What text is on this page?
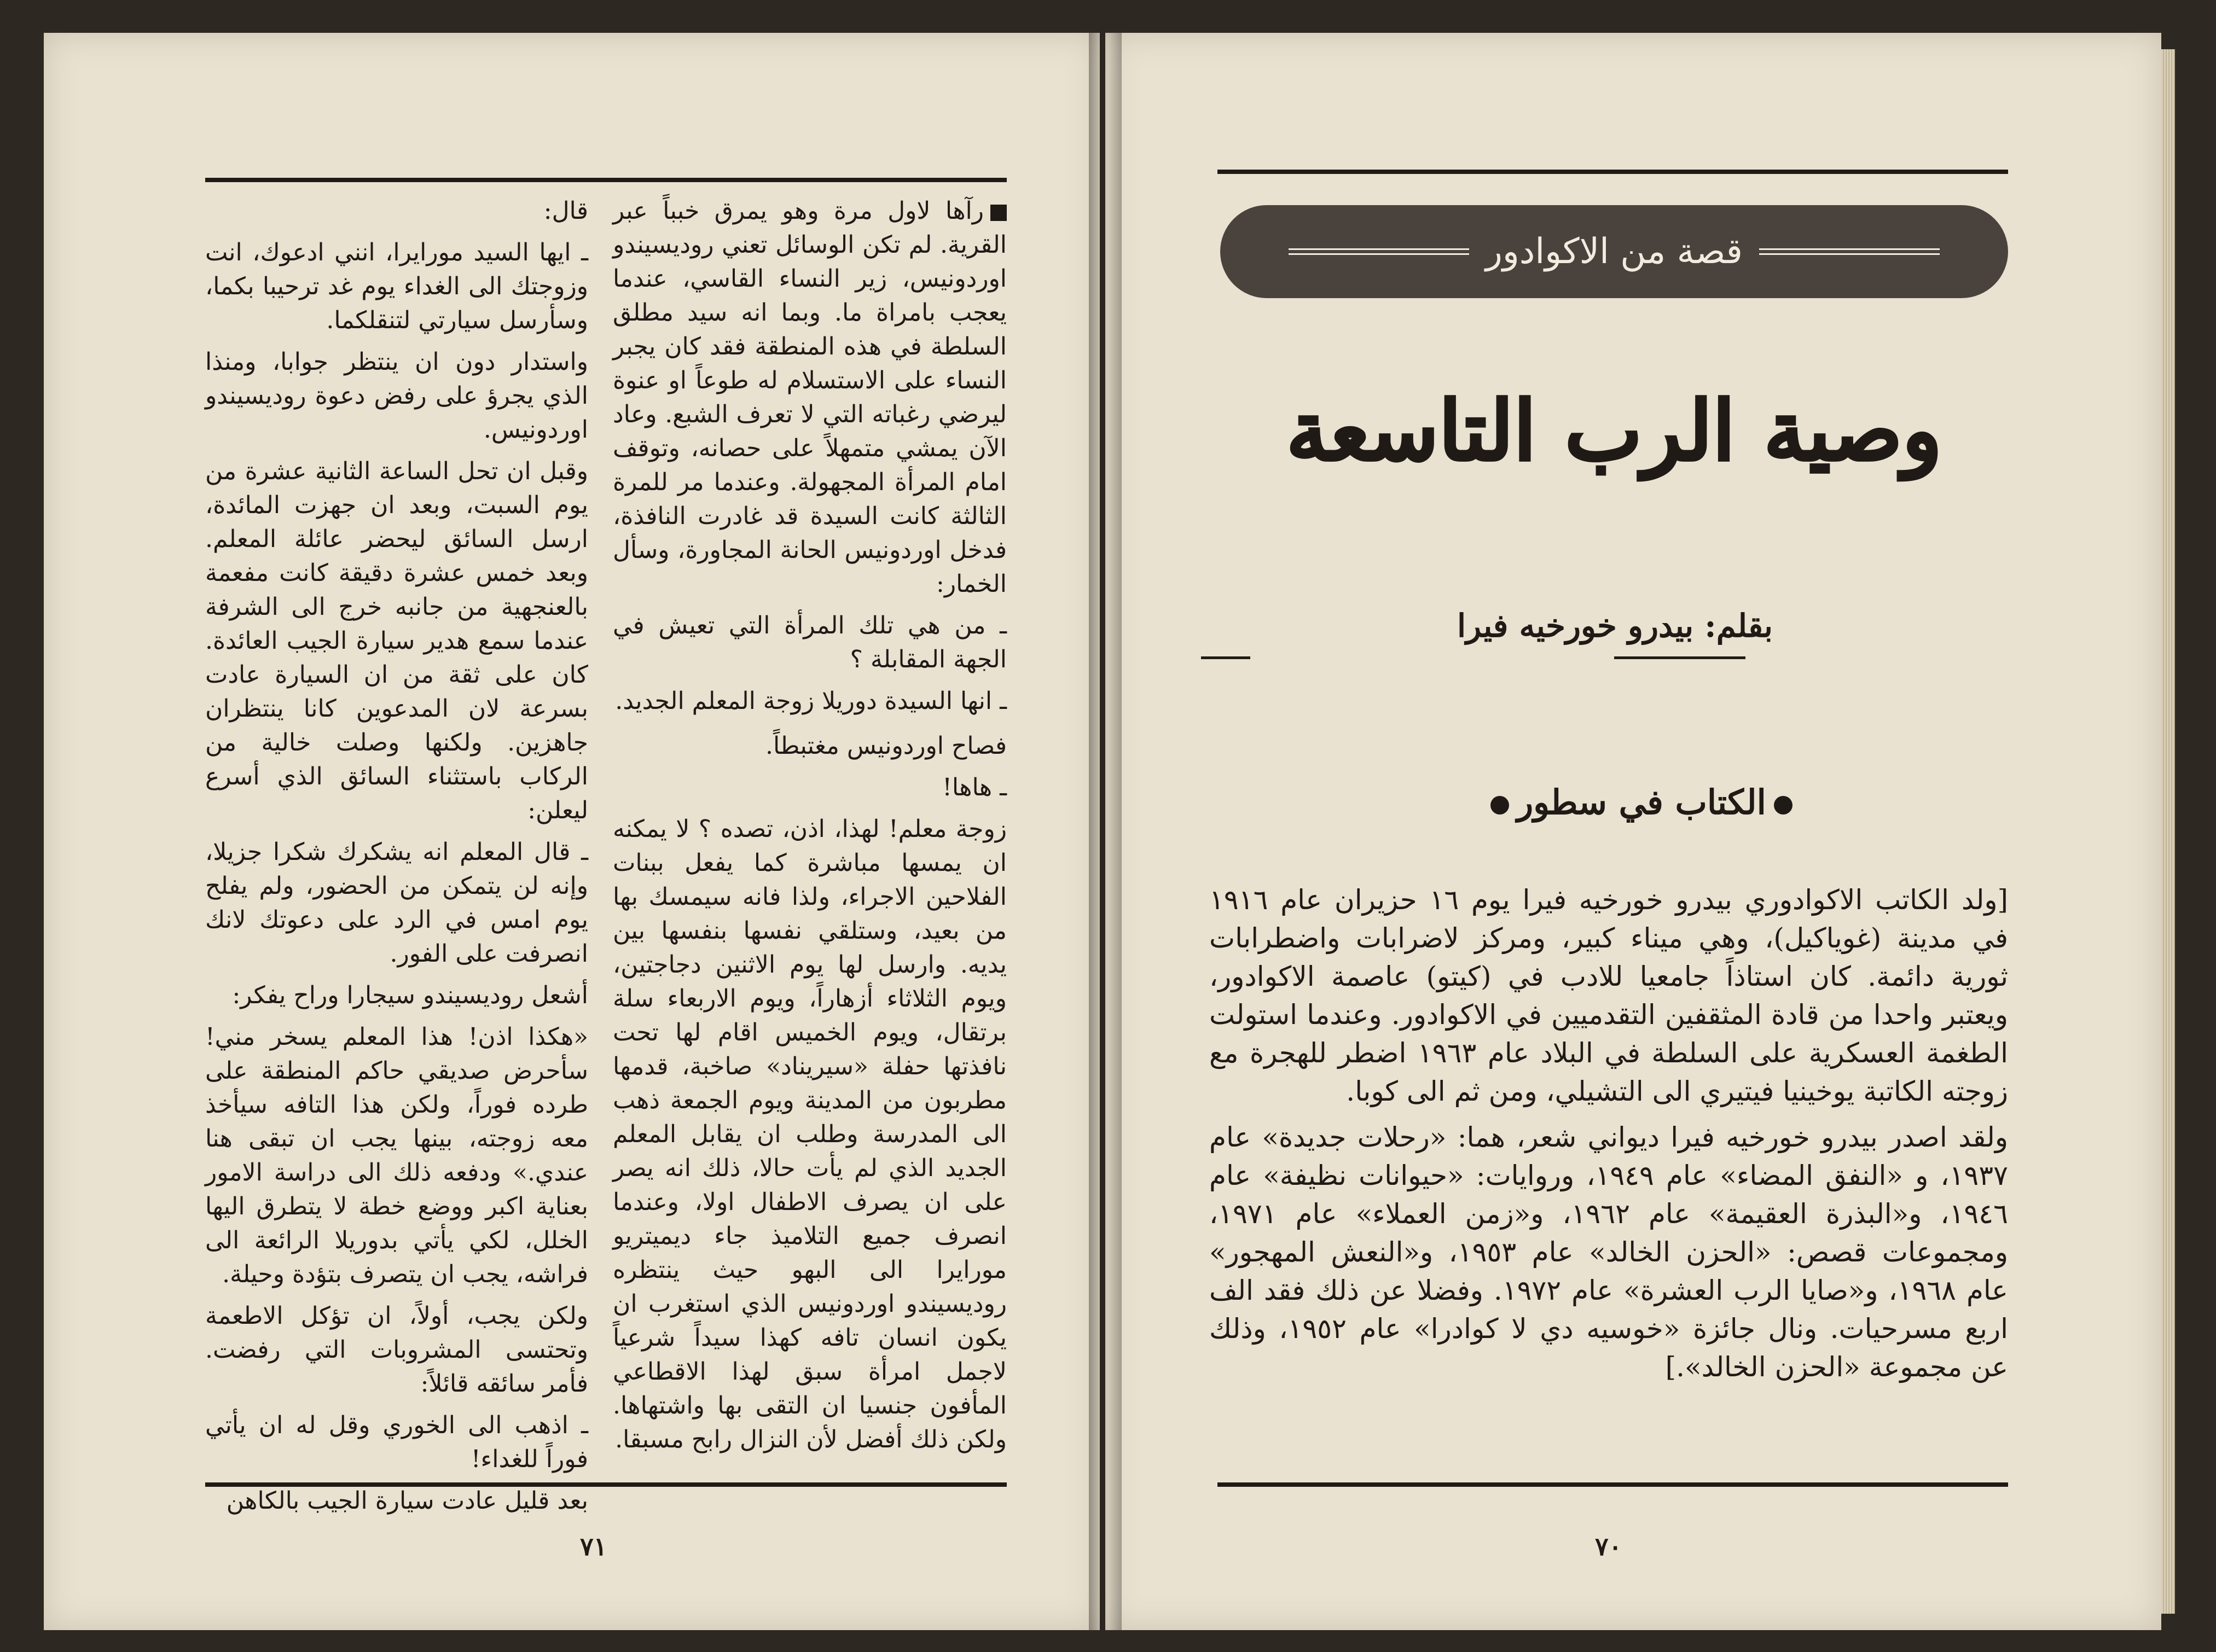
رآها لاول مرة وهو يمرق خبباً عبر القرية. لم تكن الوسائل تعني روديسيندو اوردونيس، زير النساء القاسي، عندما يعجب بامراة ما. وبما انه سيد مطلق السلطة في هذه المنطقة فقد كان يجبر النساء على الاستسلام له طوعاً او عنوة ليرضي رغباته التي لا تعرف الشبع. وعاد الآن يمشي متمهلاً على حصانه، وتوقف امام المرأة المجهولة. وعندما مر للمرة الثالثة كانت السيدة قد غادرت النافذة، فدخل اوردونيس الحانة المجاورة، وسأل الخمار:

ـ من هي تلك المرأة التي تعيش في الجهة المقابلة ؟

ـ انها السيدة دوريلا زوجة المعلم الجديد.

فصاح اوردونيس مغتبطاً.

ـ هاها!

زوجة معلم! لهذا، اذن، تصده ؟ لا يمكنه ان يمسها مباشرة كما يفعل ببنات الفلاحين الاجراء، ولذا فانه سيمسك بها من بعيد، وستلقي نفسها بنفسها بين يديه. وارسل لها يوم الاثنين دجاجتين، ويوم الثلاثاء أزهاراً، ويوم الاربعاء سلة برتقال، ويوم الخميس اقام لها تحت نافذتها حفلة «سيريناد» صاخبة، قدمها مطربون من المدينة ويوم الجمعة ذهب الى المدرسة وطلب ان يقابل المعلم الجديد الذي لم يأت حالا، ذلك انه يصر على ان يصرف الاطفال اولا، وعندما انصرف جميع التلاميذ جاء ديميتريو مورايرا الى البهو حيث ينتظره روديسيندو اوردونيس الذي استغرب ان يكون انسان تافه كهذا سيداً شرعياً لاجمل امرأة سبق لهذا الاقطاعي المأفون جنسيا ان التقى بها واشتهاها. ولكن ذلك أفضل لأن النزال رابح مسبقا.

قال:

ـ ايها السيد مورايرا، انني ادعوك، انت وزوجتك الى الغداء يوم غد ترحيبا بكما، وسأرسل سيارتي لتنقلكما.

واستدار دون ان ينتظر جوابا، ومنذا الذي يجرؤ على رفض دعوة روديسيندو اوردونيس.

وقبل ان تحل الساعة الثانية عشرة من يوم السبت، وبعد ان جهزت المائدة، ارسل السائق ليحضر عائلة المعلم. وبعد خمس عشرة دقيقة كانت مفعمة بالعنجهية من جانبه خرج الى الشرفة عندما سمع هدير سيارة الجيب العائدة. كان على ثقة من ان السيارة عادت بسرعة لان المدعوين كانا ينتظران جاهزين. ولكنها وصلت خالية من الركاب باستثناء السائق الذي أسرع ليعلن:

ـ قال المعلم انه يشكرك شكرا جزيلا، وإنه لن يتمكن من الحضور، ولم يفلح يوم امس في الرد على دعوتك لانك انصرفت على الفور.

أشعل روديسيندو سيجارا وراح يفكر:

«هكذا اذن! هذا المعلم يسخر مني! سأحرض صديقي حاكم المنطقة على طرده فوراً، ولكن هذا التافه سيأخذ معه زوجته، بينها يجب ان تبقى هنا عندي.» ودفعه ذلك الى دراسة الامور بعناية اكبر ووضع خطة لا يتطرق اليها الخلل، لكي يأتي بدوريلا الرائعة الى فراشه، يجب ان يتصرف بتؤدة وحيلة.

ولكن يجب، أولاً، ان تؤكل الاطعمة وتحتسى المشروبات التي رفضت. فأمر سائقه قائلاً:

ـ اذهب الى الخوري وقل له ان يأتي فوراً للغداء!

بعد قليل عادت سيارة الجيب بالكاهن

٧١
قصة من الاكوادور
وصية الرب التاسعة
بقلم: بيدرو خورخيه فيرا
الكتاب في سطور

[ولد الكاتب الاكوادوري بيدرو خورخيه فيرا يوم ١٦ حزيران عام ١٩١٦ في مدينة (غوياكيل)، وهي ميناء كبير، ومركز لاضرابات واضطرابات ثورية دائمة. كان استاذاً جامعيا للادب في (كيتو) عاصمة الاكوادور، ويعتبر واحدا من قادة المثقفين التقدميين في الاكوادور. وعندما استولت الطغمة العسكرية على السلطة في البلاد عام ١٩٦٣ اضطر للهجرة مع زوجته الكاتبة يوخينيا فيتيري الى التشيلي، ومن ثم الى كوبا.

ولقد اصدر بيدرو خورخيه فيرا ديواني شعر، هما: «رحلات جديدة» عام ١٩٣٧، و «النفق المضاء» عام ١٩٤٩، وروايات: «حيوانات نظيفة» عام ١٩٤٦، و«البذرة العقيمة» عام ١٩٦٢، و«زمن العملاء» عام ١٩٧١، ومجموعات قصص: «الحزن الخالد» عام ١٩٥٣، و«النعش المهجور» عام ١٩٦٨، و«صايا الرب العشرة» عام ١٩٧٢. وفضلا عن ذلك فقد الف اربع مسرحيات. ونال جائزة «خوسيه دي لا كوادرا» عام ١٩٥٢، وذلك عن مجموعة «الحزن الخالد».]

٧٠
